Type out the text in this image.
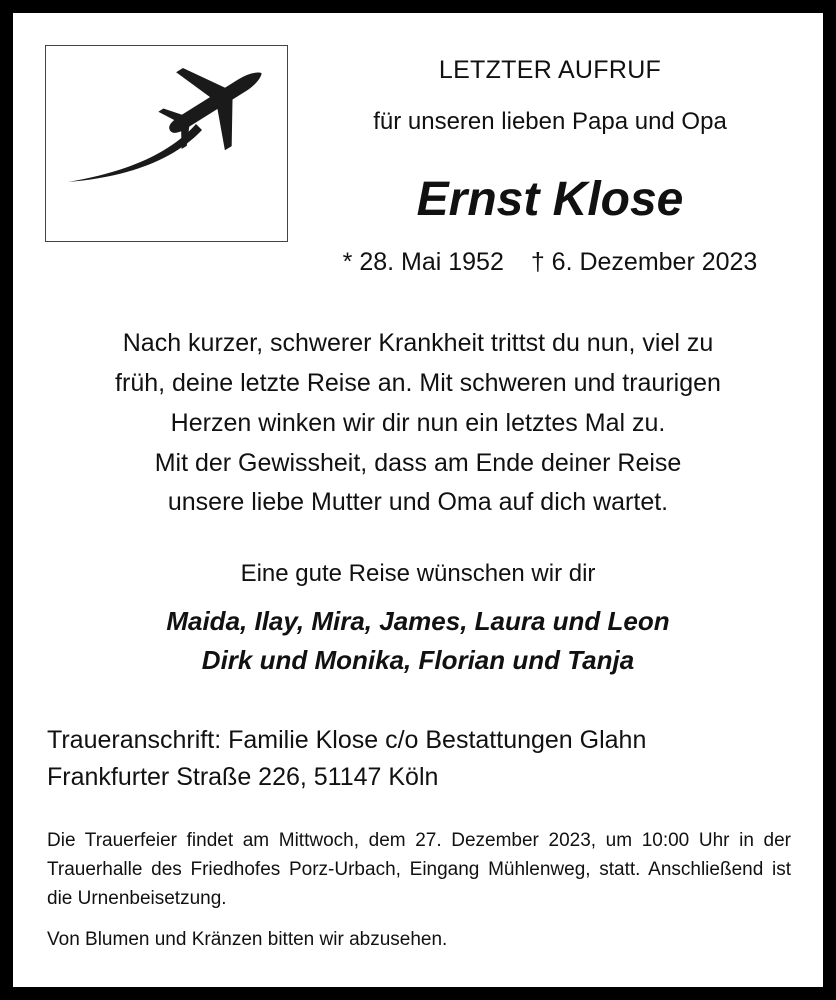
LETZTER AUFRUF
für unseren lieben Papa und Opa
Ernst Klose
* 28. Mai 1952 † 6. Dezember 2023
Nach kurzer, schwerer Krankheit trittst du nun, viel zu
früh, deine letzte Reise an. Mit schweren und traurigen
Herzen winken wir dir nun ein letztes Mal zu.
Mit der Gewissheit, dass am Ende deiner Reise
unsere liebe Mutter und Oma auf dich wartet.
Eine gute Reise wünschen wir dir
Maida, Ilay, Mira, James, Laura und Leon
Dirk und Monika, Florian und Tanja
Traueranschrift: Familie Klose c/o Bestattungen Glahn
Frankfurter Straße 226, 51147 Köln
Die Trauerfeier findet am Mittwoch, dem 27. Dezember 2023, um 10:00 Uhr in der Trauerhalle des Friedhofes Porz-Urbach, Eingang Mühlenweg, statt. Anschließend ist die Urnenbeisetzung.
Von Blumen und Kränzen bitten wir abzusehen.
